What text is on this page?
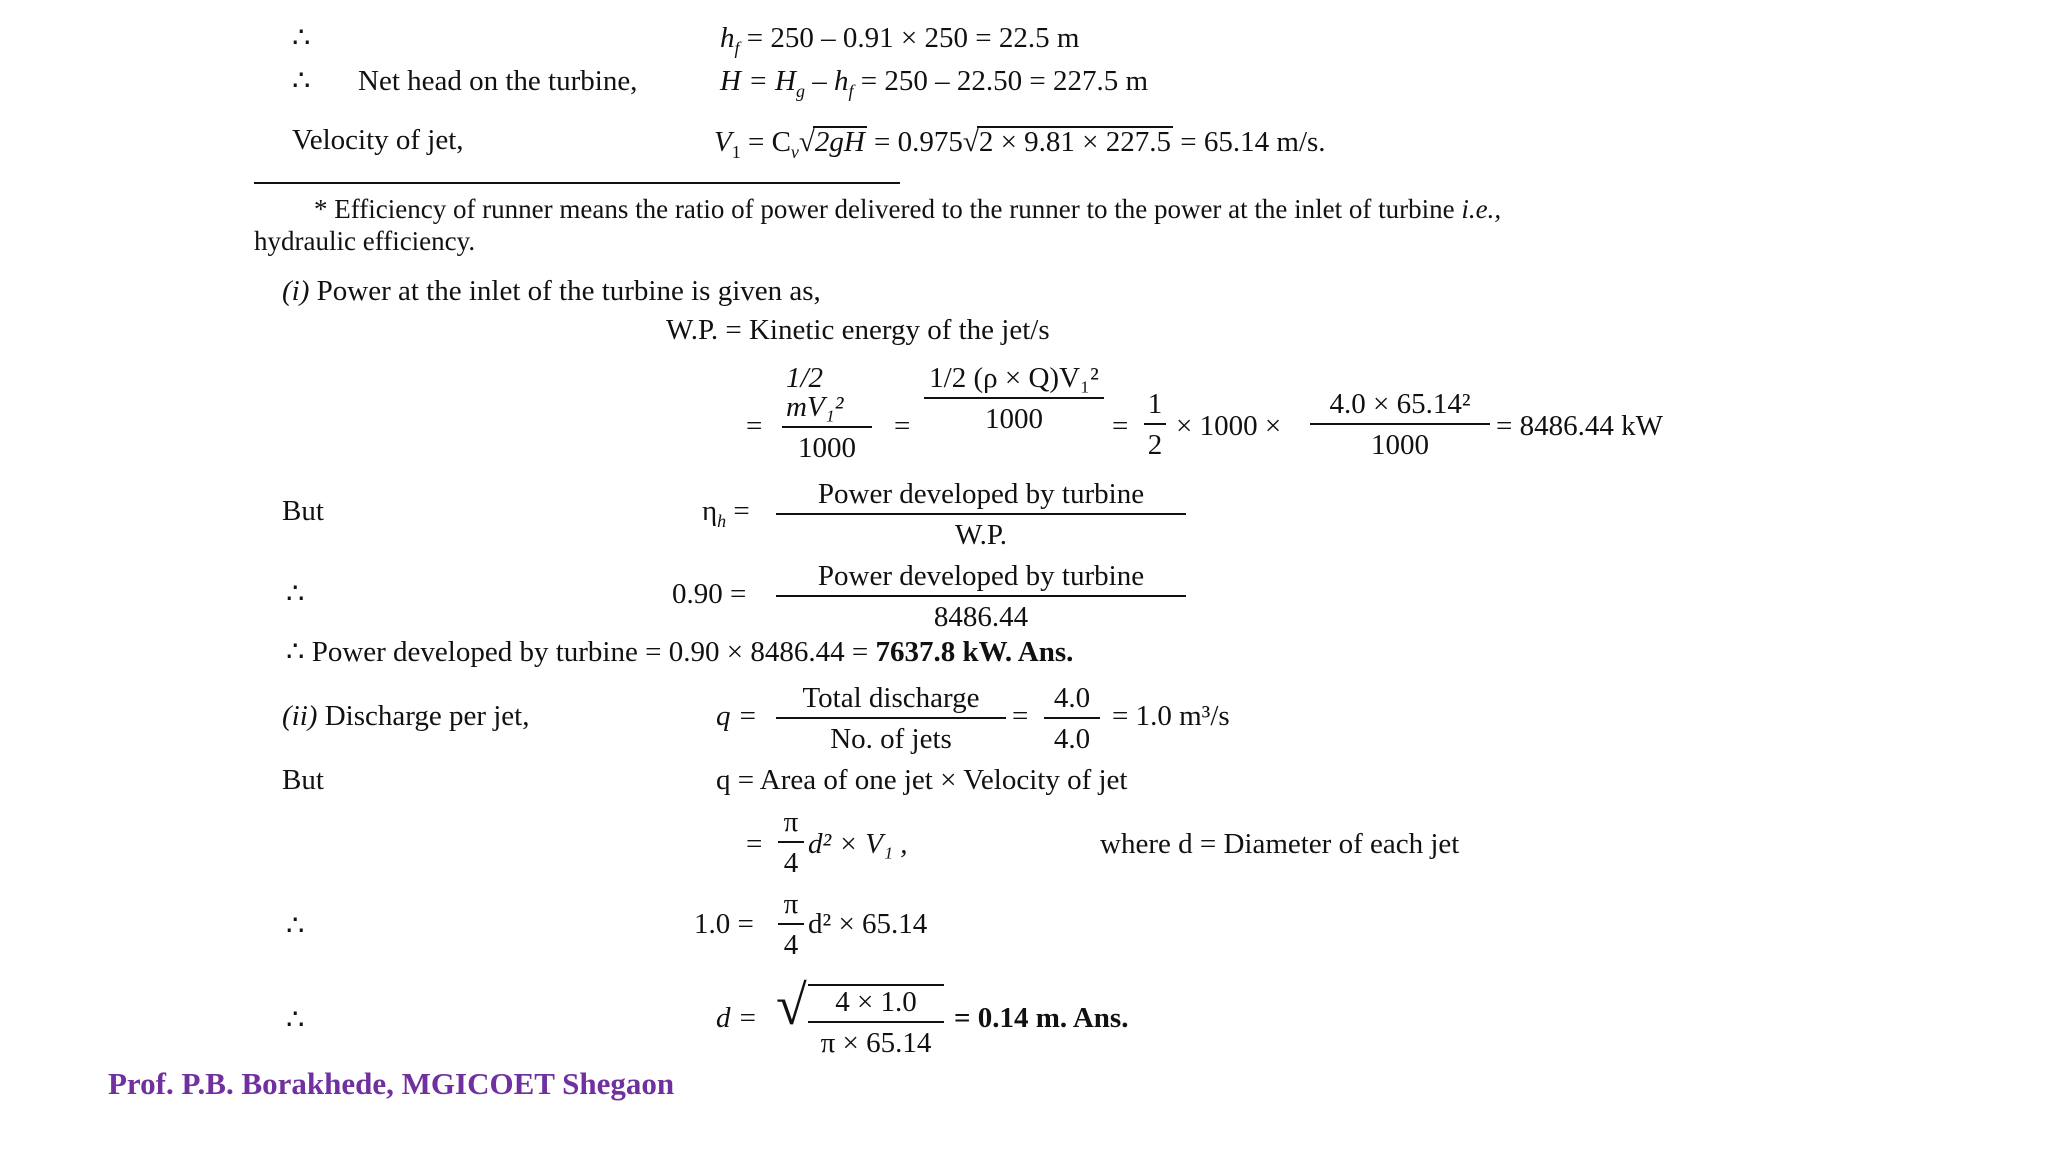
∴	$h_f = 250 - 0.91 \times 250 = 22.5$ m
∴ Net head on the turbine,	$H = H_g - h_f = 250 - 22.50 = 227.5$ m
Velocity of jet,	$V_1 = C_v√2gH = 0.975√2 \times 9.81 \times 227.5 = 65.14$ m/s.
* Efficiency of runner means the ratio of power delivered to the runner to the power at the inlet of turbine i.e.,
hydraulic efficiency.
(i) Power at the inlet of the turbine is given as,
W.P. = Kinetic energy of the jet/s
=
1/2 mV₁²
1000
=
1/2 (ρ × Q)V₁²
1000 =
1
2
× 1000 ×
4.0 × 65.14²
1000
= 8486.44 kW
But	$\eta_h$ =
Power developed by turbine
W.P.
∴	0.90 =
Power developed by turbine
8486.44
∴ Power developed by turbine = 0.90 × 8486.44 = 7637.8 kW. Ans.
(ii) Discharge per jet,	q =
Total discharge
No. of jets
=
4.0
4.0
= 1.0 m³/s
But	q = Area of one jet × Velocity of jet
=
π
4
d² × V₁ ,	where d = Diameter of each jet
∴	1.0 =
π
4
d² × 65.14
∴	d = √ 4 × 1.0
π × 65.14
= 0.14 m. Ans.
Prof. P.B. Borakhede, MGICOET Shegaon
